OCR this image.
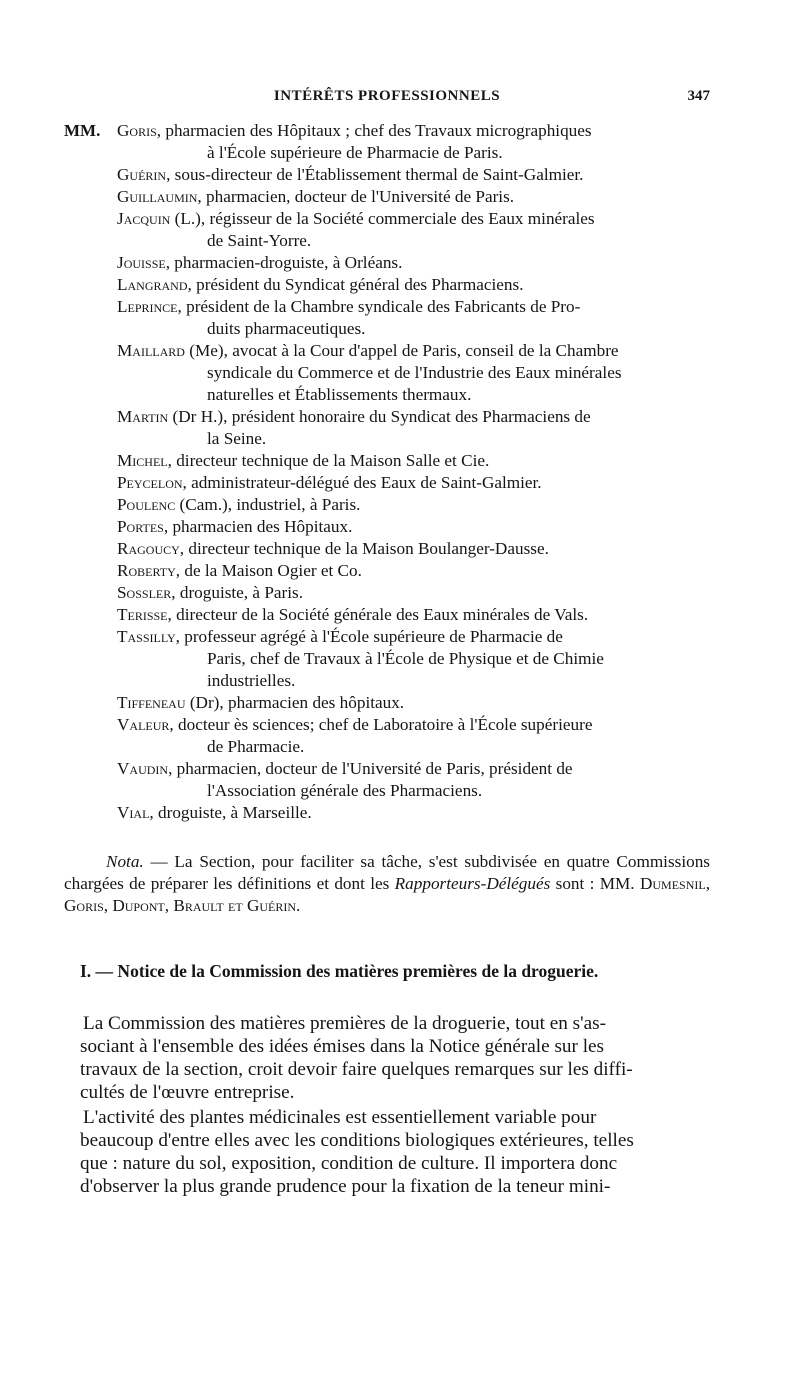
INTÉRÊTS PROFESSIONNELS	347
MM. Goris, pharmacien des Hôpitaux ; chef des Travaux micrographiques
à l'École supérieure de Pharmacie de Paris.
Guérin, sous-directeur de l'Établissement thermal de Saint-Galmier.
Guillaumin, pharmacien, docteur de l'Université de Paris.
Jacquin (L.), régisseur de la Société commerciale des Eaux minérales
de Saint-Yorre.
Jouisse, pharmacien-droguiste, à Orléans.
Langrand, président du Syndicat général des Pharmaciens.
Leprince, président de la Chambre syndicale des Fabricants de Pro-
duits pharmaceutiques.
Maillard (Me), avocat à la Cour d'appel de Paris, conseil de la Chambre
syndicale du Commerce et de l'Industrie des Eaux minérales
naturelles et Établissements thermaux.
Martin (Dr H.), président honoraire du Syndicat des Pharmaciens de
la Seine.
Michel, directeur technique de la Maison Salle et Cie.
Peycelon, administrateur-délégué des Eaux de Saint-Galmier.
Poulenc (Cam.), industriel, à Paris.
Portes, pharmacien des Hôpitaux.
Ragoucy, directeur technique de la Maison Boulanger-Dausse.
Roberty, de la Maison Ogier et Co.
Sossler, droguiste, à Paris.
Terisse, directeur de la Société générale des Eaux minérales de Vals.
Tassilly, professeur agrégé à l'École supérieure de Pharmacie de
Paris, chef de Travaux à l'École de Physique et de Chimie
industrielles.
Tiffeneau (Dr), pharmacien des hôpitaux.
Valeur, docteur ès sciences; chef de Laboratoire à l'École supérieure
de Pharmacie.
Vaudin, pharmacien, docteur de l'Université de Paris, président de
l'Association générale des Pharmaciens.
Vial, droguiste, à Marseille.

Nota. — La Section, pour faciliter sa tâche, s'est subdivisée en quatre Commissions chargées de préparer les définitions et dont les Rapporteurs-Délégués sont : MM. Dumesnil, Goris, Dupont, Brault et Guérin.

I. — Notice de la Commission des matières premières de la droguerie.
La Commission des matières premières de la droguerie, tout en s'as-
sociant à l'ensemble des idées émises dans la Notice générale sur les
travaux de la section, croit devoir faire quelques remarques sur les diffi-
cultés de l'œuvre entreprise.
L'activité des plantes médicinales est essentiellement variable pour
beaucoup d'entre elles avec les conditions biologiques extérieures, telles
que : nature du sol, exposition, condition de culture. Il importera donc
d'observer la plus grande prudence pour la fixation de la teneur mini-
